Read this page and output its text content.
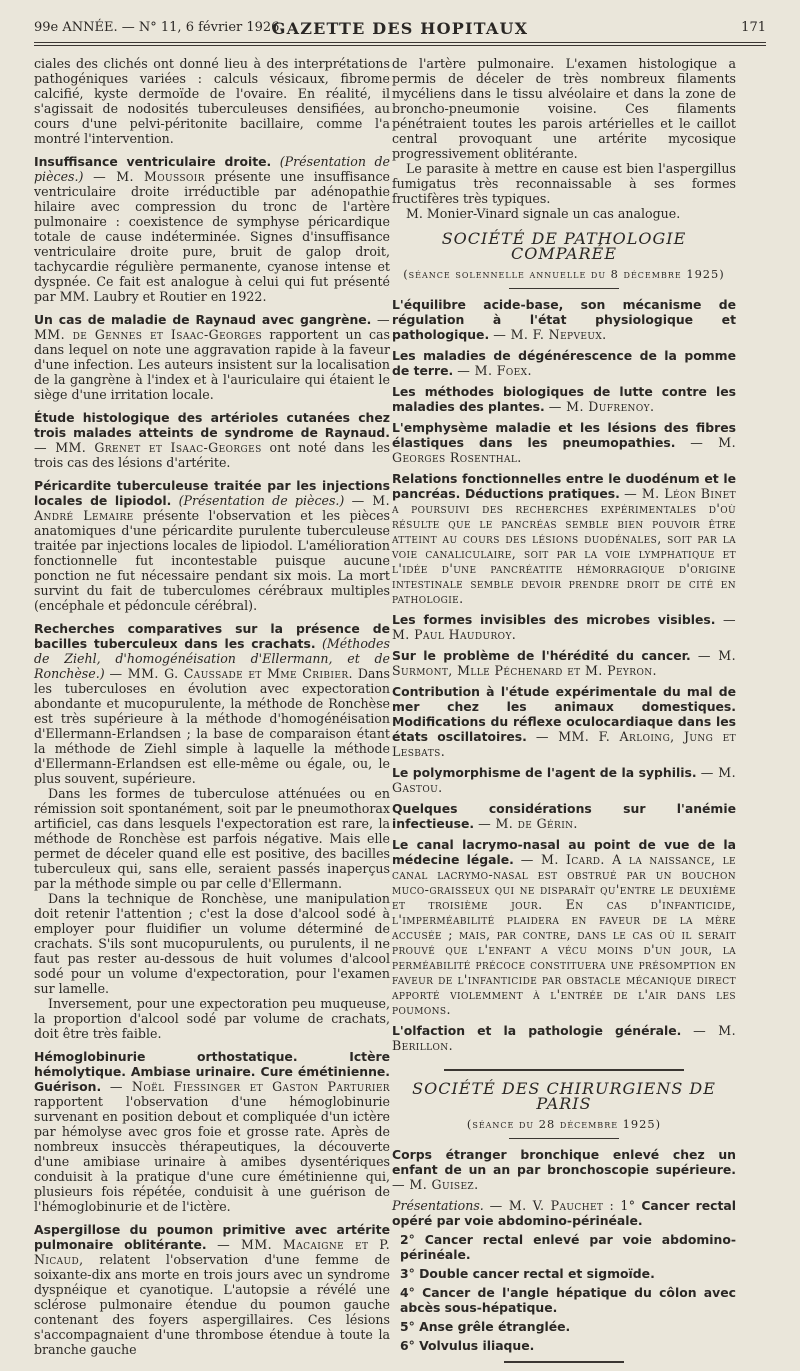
99e ANNÉE. — N° 11, 6 février 1926.
GAZETTE DES HOPITAUX	171

ciales des clichés ont donné lieu à des interprétations pathogéniques variées : calculs vésicaux, fibrome calcifié, kyste dermoïde de l'ovaire. En réalité, il s'agissait de nodosités tuberculeuses densifiées, au cours d'une pelvi-péritonite bacillaire, comme l'a montré l'intervention.

Insuffisance ventriculaire droite. (Présentation de pièces.) — M. Moussoir présente une insuffisance ventriculaire droite irréductible par adénopathie hilaire avec compression du tronc de l'artère pulmonaire : coexistence de symphyse péricardique totale de cause indéterminée. Signes d'insuffisance ventriculaire droite pure, bruit de galop droit, tachycardie régulière permanente, cyanose intense et dyspnée. Ce fait est analogue à celui qui fut présenté par MM. Laubry et Routier en 1922.
Un cas de maladie de Raynaud avec gangrène. — MM. de Gennes et Isaac-Georges rapportent un cas dans lequel on note une aggravation rapide à la faveur d'une infection. Les auteurs insistent sur la localisation de la gangrène à l'index et à l'auriculaire qui étaient le siège d'une irritation locale.
Étude histologique des artérioles cutanées chez trois malades atteints de syndrome de Raynaud. — MM. Grenet et Isaac-Georges ont noté dans les trois cas des lésions d'artérite.
Péricardite tuberculeuse traitée par les injections locales de lipiodol. (Présentation de pièces.) — M. André Lemaire présente l'observation et les pièces anatomiques d'une péricardite purulente tuberculeuse traitée par injections locales de lipiodol. L'amélioration fonctionnelle fut incontestable puisque aucune ponction ne fut nécessaire pendant six mois. La mort survint du fait de tuberculomes cérébraux multiples (encéphale et pédoncule cérébral).
Recherches comparatives sur la présence de bacilles tuberculeux dans les crachats. (Méthodes de Ziehl, d'homogénéisation d'Ellermann, et de Ronchèse.) — MM. G. Caussade et Mme Cribier. Dans les tuberculoses en évolution avec expectoration abondante et mucopurulente, la méthode de Ronchèse est très supérieure à la méthode d'homogénéisation d'Ellermann-Erlandsen ; la base de comparaison étant la méthode de Ziehl simple à laquelle la méthode d'Ellermann-Erlandsen est elle-même ou égale, ou, le plus souvent, supérieure.

Dans les formes de tuberculose atténuées ou en rémission soit spontanément, soit par le pneumothorax artificiel, cas dans lesquels l'expectoration est rare, la méthode de Ronchèse est parfois négative. Mais elle permet de déceler quand elle est positive, des bacilles tuberculeux qui, sans elle, seraient passés inaperçus par la méthode simple ou par celle d'Ellermann.

Dans la technique de Ronchèse, une manipulation doit retenir l'attention ; c'est la dose d'alcool sodé à employer pour fluidifier un volume déterminé de crachats. S'ils sont mucopurulents, ou purulents, il ne faut pas rester au-dessous de huit volumes d'alcool sodé pour un volume d'expectoration, pour l'examen sur lamelle.

Inversement, pour une expectoration peu muqueuse, la proportion d'alcool sodé par volume de crachats, doit être très faible.

Hémoglobinurie orthostatique. Ictère hémolytique. Ambiase urinaire. Cure émétinienne. Guérison. — Noël Fiessinger et Gaston Parturier rapportent l'observation d'une hémoglobinurie survenant en position debout et compliquée d'un ictère par hémolyse avec gros foie et grosse rate. Après de nombreux insuccès thérapeutiques, la découverte d'une amibiase urinaire à amibes dysentériques conduisit à la pratique d'une cure émétinienne qui, plusieurs fois répétée, conduisit à une guérison de l'hémoglobinurie et de l'ictère.
Aspergillose du poumon primitive avec artérite pulmonaire oblitérante. — MM. Macaigne et P. Nicaud, relatent l'observation d'une femme de soixante-dix ans morte en trois jours avec un syndrome dyspnéique et cyanotique. L'autopsie a révélé une sclérose pulmonaire étendue du poumon gauche contenant des foyers aspergillaires. Ces lésions s'accompagnaient d'une thrombose étendue à toute la branche gauche

de l'artère pulmonaire. L'examen histologique a permis de déceler de très nombreux filaments mycéliens dans le tissu alvéolaire et dans la zone de broncho-pneumonie voisine. Ces filaments pénétraient toutes les parois artérielles et le caillot central provoquant une artérite mycosique progressivement oblitérante.

Le parasite à mettre en cause est bien l'aspergillus fumigatus très reconnaissable à ses formes fructifères très typiques.

M. Monier-Vinard signale un cas analogue.

SOCIÉTÉ DE PATHOLOGIE COMPARÉE
(séance solennelle annuelle du 8 décembre 1925)
L'équilibre acide-base, son mécanisme de régulation à l'état physiologique et pathologique. — M. F. Nepveux.
Les maladies de dégénérescence de la pomme de terre. — M. Foex.
Les méthodes biologiques de lutte contre les maladies des plantes. — M. Dufrenoy.
L'emphysème maladie et les lésions des fibres élastiques dans les pneumopathies. — M. Georges Rosenthal.
Relations fonctionnelles entre le duodénum et le pancréas. Déductions pratiques. — M. Léon Binet a poursuivi des recherches expérimentales d'où résulte que le pancréas semble bien pouvoir être atteint au cours des lésions duodénales, soit par la voie canaliculaire, soit par la voie lymphatique et l'idée d'une pancréatite hémorragique d'origine intestinale semble devoir prendre droit de cité en pathologie.
Les formes invisibles des microbes visibles. — M. Paul Hauduroy.
Sur le problème de l'hérédité du cancer. — M. Surmont, Mlle Péchenard et M. Peyron.
Contribution à l'étude expérimentale du mal de mer chez les animaux domestiques. Modifications du réflexe oculocardiaque dans les états oscillatoires. — MM. F. Arloing, Jung et Lesbats.
Le polymorphisme de l'agent de la syphilis. — M. Gastou.
Quelques considérations sur l'anémie infectieuse. — M. de Gérin.
Le canal lacrymo-nasal au point de vue de la médecine légale. — M. Icard. A la naissance, le canal lacrymo-nasal est obstrué par un bouchon muco-graisseux qui ne disparaît qu'entre le deuxième et troisième jour. En cas d'infanticide, l'imperméabilité plaidera en faveur de la mère accusée ; mais, par contre, dans le cas où il serait prouvé que l'enfant a vécu moins d'un jour, la perméabilité précoce constituera une présomption en faveur de l'infanticide par obstacle mécanique direct apporté violemment à l'entrée de l'air dans les poumons.
L'olfaction et la pathologie générale. — M. Berillon.
SOCIÉTÉ DES CHIRURGIENS DE PARIS
(séance du 28 décembre 1925)
Corps étranger bronchique enlevé chez un enfant de un an par bronchoscopie supérieure. — M. Guisez.
Présentations. — M. V. Pauchet : 1° Cancer rectal opéré par voie abdomino-périnéale.
2° Cancer rectal enlevé par voie abdomino-périnéale.
3° Double cancer rectal et sigmoïde.
4° Cancer de l'angle hépatique du côlon avec abcès sous-hépatique.
5° Anse grêle étranglée.
6° Volvulus iliaque.
